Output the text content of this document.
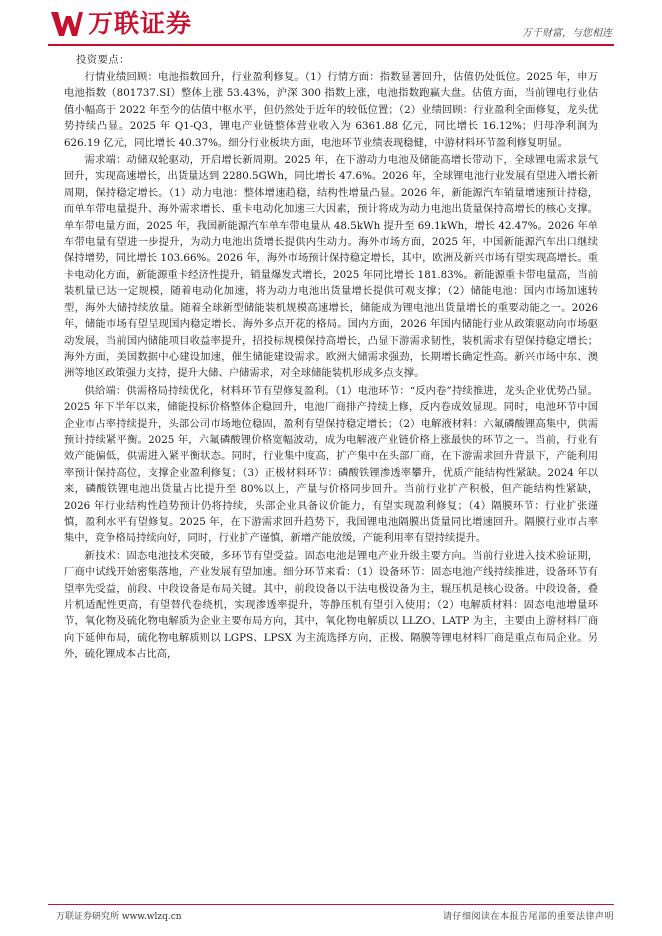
万联证券	万千财富，与您相连
投资要点：

行情业绩回顾：电池指数回升，行业盈利修复。（1）行情方面：指数显著回升，估值仍处低位。2025 年，申万电池指数（801737.SI）整体上涨 53.43%，沪深 300 指数上涨，电池指数跑赢大盘。估值方面，当前锂电行业估值小幅高于 2022 年至今的估值中枢水平，但仍然处于近年的较低位置；（2）业绩回顾：行业盈利全面修复，龙头优势持续凸显。2025 年 Q1-Q3，锂电产业链整体营业收入为 6361.88 亿元，同比增长 16.12%；归母净利润为 626.19 亿元，同比增长 40.37%。细分行业板块方面，电池环节业绩表现稳健，中游材料环节盈利修复明显。

需求端：动储双轮驱动，开启增长新周期。2025 年，在下游动力电池及储能高增长带动下，全球锂电需求景气回升，实现高速增长，出货量达到 2280.5GWh，同比增长 47.6%。2026 年，全球锂电池行业发展有望进入增长新周期，保持稳定增长。（1）动力电池：整体增速趋稳，结构性增量凸显。2026 年，新能源汽车销量增速预计持稳，而单车带电量提升、海外需求增长、重卡电动化加速三大因素，预计将成为动力电池出货量保持高增长的核心支撑。单车带电量方面，2025 年，我国新能源汽车单车带电量从 48.5kWh 提升至 69.1kWh，增长 42.47%。2026 年单车带电量有望进一步提升，为动力电池出货增长提供内生动力。海外市场方面，2025 年，中国新能源汽车出口继续保持增势，同比增长 103.66%。2026 年，海外市场预计保持稳定增长，其中，欧洲及新兴市场有望实现高增长。重卡电动化方面，新能源重卡经济性提升，销量爆发式增长，2025 年同比增长 181.83%。新能源重卡带电量高，当前装机量已达一定规模，随着电动化加速，将为动力电池出货量增长提供可观支撑；（2）储能电池：国内市场加速转型，海外大储持续放量。随着全球新型储能装机规模高速增长，储能成为锂电池出货量增长的重要动能之一。2026 年，储能市场有望呈现国内稳定增长、海外多点开花的格局。国内方面，2026 年国内储能行业从政策驱动向市场驱动发展，当前国内储能项目收益率提升，招投标规模保持高增长，凸显下游需求韧性，装机需求有望保持稳定增长；海外方面，美国数据中心建设加速，催生储能建设需求。欧洲大储需求强劲，长期增长确定性高。新兴市场中东、澳洲等地区政策强力支持，提升大储、户储需求，对全球储能装机形成多点支撑。

供给端：供需格局持续优化，材料环节有望修复盈利。（1）电池环节：“反内卷”持续推进，龙头企业优势凸显。2025 年下半年以来，储能投标价格整体企稳回升，电池厂商排产持续上修，反内卷成效显现。同时，电池环节中国企业市占率持续提升，头部公司市场地位稳固，盈利有望保持稳定增长；（2）电解液材料：六氟磷酸锂高集中，供需预计持续紧平衡。2025 年，六氟磷酸锂价格宽幅波动，成为电解液产业链价格上涨最快的环节之一。当前，行业有效产能偏低，供需进入紧平衡状态。同时，行业集中度高，扩产集中在头部厂商，在下游需求回升背景下，产能利用率预计保持高位，支撑企业盈利修复；（3）正极材料环节：磷酸铁锂渗透率攀升，优质产能结构性紧缺。2024 年以来，磷酸铁锂电池出货量占比提升至 80%以上，产量与价格同步回升。当前行业扩产积极，但产能结构性紧缺，2026 年行业结构性趋势预计仍将持续，头部企业具备议价能力，有望实现盈利修复；（4）隔膜环节：行业扩张谨慎，盈利水平有望修复。2025 年，在下游需求回升趋势下，我国锂电池隔膜出货量同比增速回升。隔膜行业市占率集中，竞争格局持续向好，同时，行业扩产谨慎，新增产能放缓，产能利用率有望持续提升。

新技术：固态电池技术突破，多环节有望受益。固态电池是锂电产业升级主要方向。当前行业进入技术验证期，厂商中试线开始密集落地，产业发展有望加速。细分环节来看：（1）设备环节：固态电池产线持续推进，设备环节有望率先受益，前段、中段设备是布局关键。其中，前段设备以干法电极设备为主，辊压机是核心设备。中段设备，叠片机适配性更高，有望替代卷绕机，实现渗透率提升，等静压机有望引入使用；（2）电解质材料：固态电池增量环节，氧化物及硫化物电解质为企业主要布局方向，其中，氧化物电解质以 LLZO、LATP 为主，主要由上游材料厂商向下延伸布局，硫化物电解质则以 LGPS、LPSX 为主流选择方向，正极、隔膜等锂电材料厂商是重点布局企业。另外，硫化锂成本占比高，

万联证券研究所 www.wlzq.cn	请仔细阅读在本报告尾部的重要法律声明
